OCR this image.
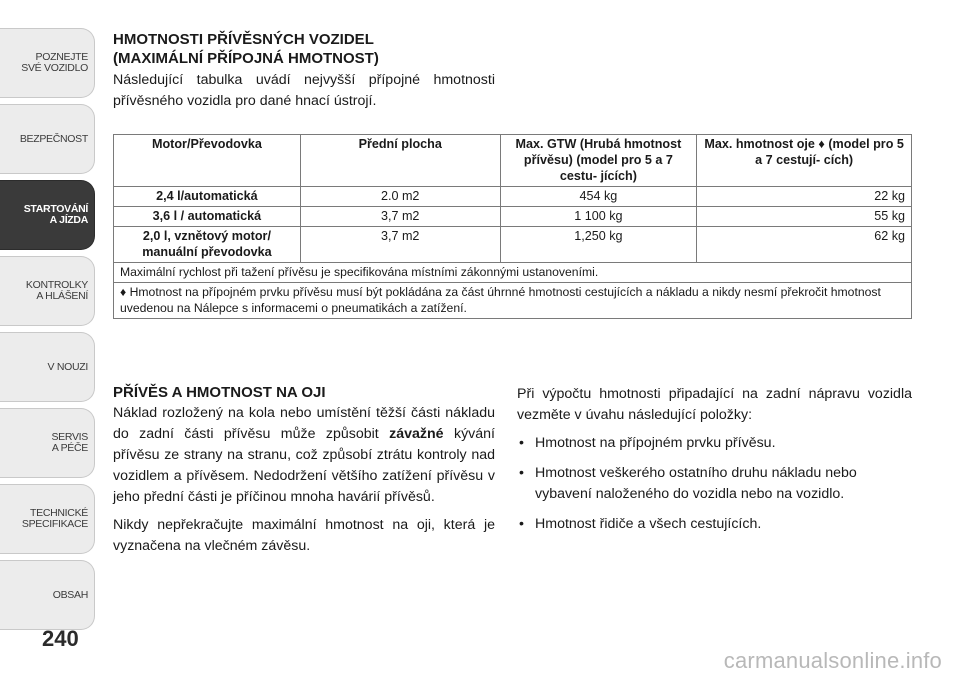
POZNEJTE
SVÉ VOZIDLO
BEZPEČNOST
STARTOVÁNÍ
A JÍZDA
KONTROLKY
A HLÁŠENÍ
V NOUZI
SERVIS
A PÉČE
TECHNICKÉ
SPECIFIKACE
OBSAH
240
HMOTNOSTI PŘÍVĚSNÝCH VOZIDEL
(MAXIMÁLNÍ PŘÍPOJNÁ HMOTNOST)

Následující tabulka uvádí nejvyšší přípojné hmotnosti přívěsného vozidla pro dané hnací ústrojí.

Motor/Převodovka	Přední plocha	Max. GTW (Hrubá hmotnost přívěsu) (model pro 5 a 7 cestu- jících)	Max. hmotnost oje ♦ (model pro 5 a 7 cestují- cích)
2,4 l/automatická	2.0 m2	454 kg	22 kg
3,6 l / automatická	3,7 m2	1 100 kg	55 kg
2,0 l, vznětový motor/ manuální převodovka	3,7 m2	1,250 kg	62 kg
Maximální rychlost při tažení přívěsu je specifikována místními zákonnými ustanoveními.			
♦ Hmotnost na přípojném prvku přívěsu musí být pokládána za část úhrnné hmotnosti cestujících a nákladu a nikdy nesmí překročit hmotnost uvedenou na Nálepce s informacemi o pneumatikách a zatížení.			
PŘÍVĚS A HMOTNOST NA OJI

Náklad rozložený na kola nebo umístění těžší části nákladu do zadní části přívěsu může způsobit závažné kývání přívěsu ze strany na stranu, což způsobí ztrátu kontroly nad vozidlem a přívěsem. Nedodržení většího zatížení přívěsu v jeho přední části je příčinou mnoha havárií přívěsů.

Nikdy nepřekračujte maximální hmotnost na oji, která je vyznačena na vlečném závěsu.

Při výpočtu hmotnosti připadající na zadní nápravu vozidla vezměte v úvahu následující položky:

• Hmotnost na přípojném prvku přívěsu.
• Hmotnost veškerého ostatního druhu nákladu nebo vybavení naloženého do vozidla nebo na vozidlo.
• Hmotnost řidiče a všech cestujících.
carmanualsonline.info
